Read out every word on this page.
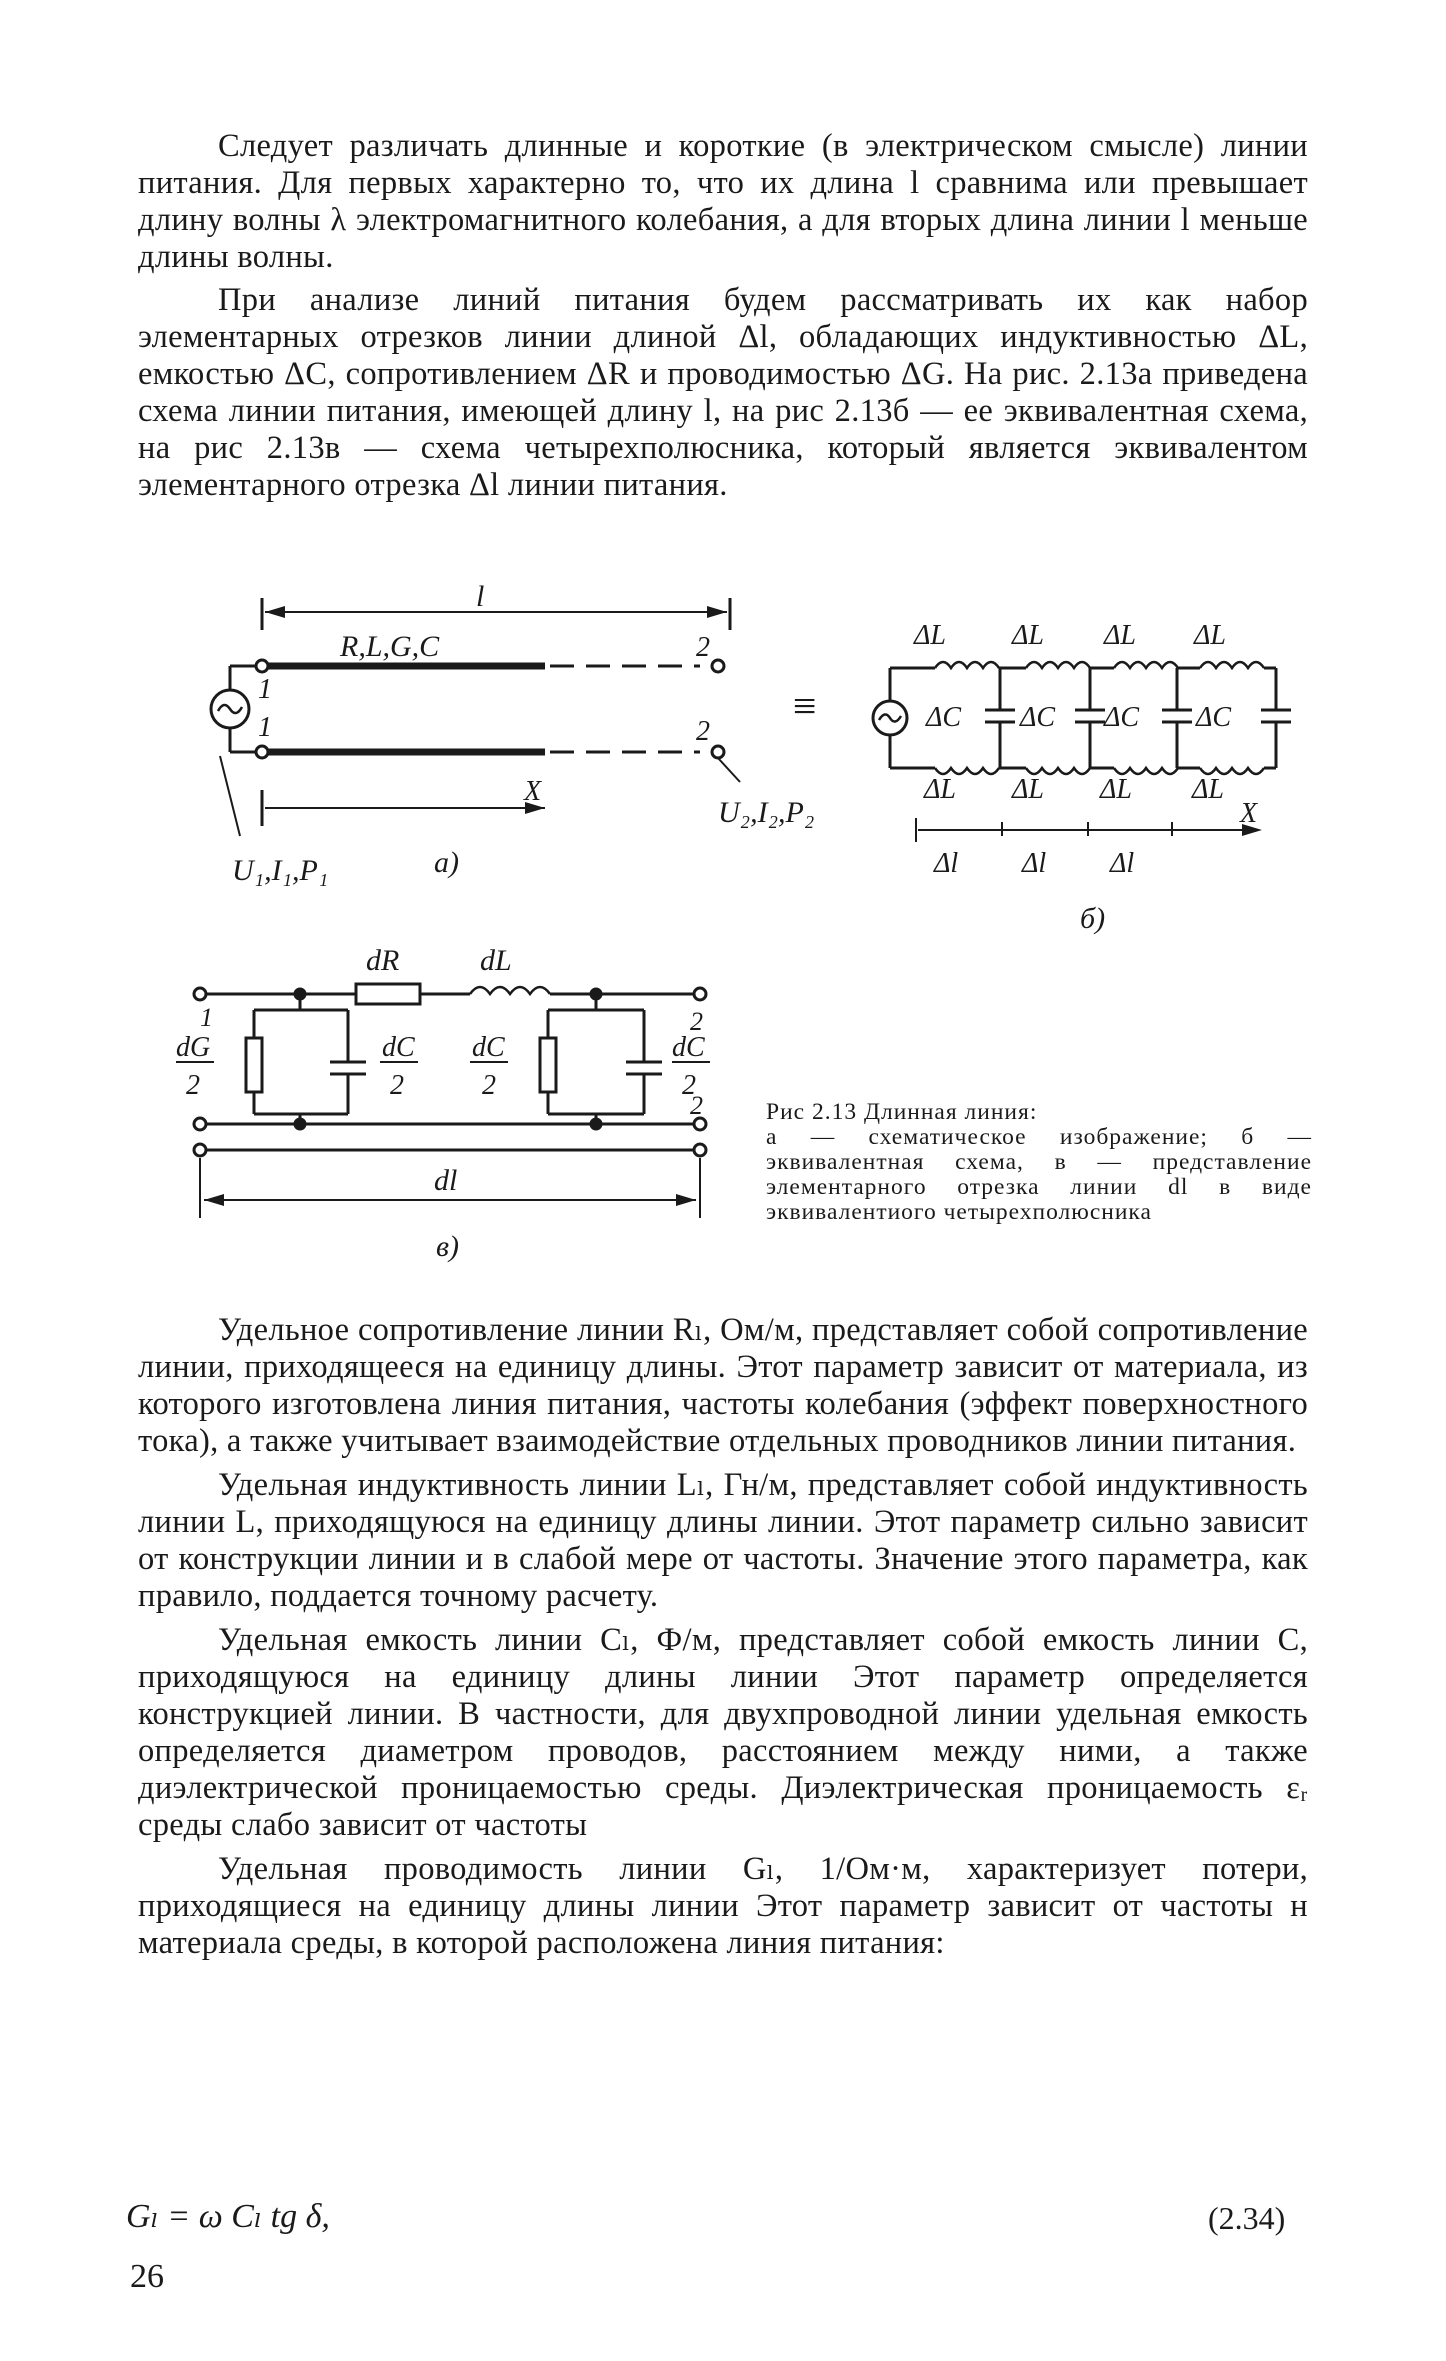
Следует различать длинные и короткие (в электрическом смысле) линии питания. Для первых характерно то, что их длина l сравнима или превышает длину волны λ электромагнитного колебания, а для вторых длина линии l меньше длины волны.

При анализе линий питания будем рассматривать их как набор элементарных отрезков линии длиной Δl, обладающих индуктивностью ΔL, емкостью ΔC, сопротивлением ΔR и проводимостью ΔG. На рис. 2.13а приведена схема линии питания, имеющей длину l, на рис 2.13б — ее эквивалентная схема, на рис 2.13в — схема четырехполюсника, который является эквивалентом элементарного отрезка Δl линии питания.

l
R,L,G,C
1
1
2
2
X
U₁,I₁,P₁
U₂,I₂,P₂
а)
≡
ΔL ΔL ΔL ΔL
ΔC ΔC ΔC ΔC
ΔL ΔL ΔL ΔL
X
Δl Δl Δl
б)
dR	dL
1	2
2
dG
2
dC
2
dC
2
dC
2
dl
в)

Рис 2.13 Длинная линия:
а — схематическое изображение; б — эквивалентная схема, в — представление элементарного отрезка линии dl в виде эквивалентиого четырехполюсника

Удельное сопротивление линии Rₗ, Ом/м, представляет собой сопротивление линии, приходящееся на единицу длины. Этот параметр зависит от материала, из которого изготовлена линия питания, частоты колебания (эффект поверхностного тока), а также учитывает взаимодействие отдельных проводников линии питания.

Удельная индуктивность линии Lₗ, Гн/м, представляет собой индуктивность линии L, приходящуюся на единицу длины линии. Этот параметр сильно зависит от конструкции линии и в слабой мере от частоты. Значение этого параметра, как правило, поддается точному расчету.

Удельная емкость линии Cₗ, Ф/м, представляет собой емкость линии C, приходящуюся на единицу длины линии Этот параметр определяется конструкцией линии. В частности, для двухпроводной линии удельная емкость определяется диаметром проводов, расстоянием между ними, а также диэлектрической проницаемостью среды. Диэлектрическая проницаемость εᵣ среды слабо зависит от частоты

Удельная проводимость линии Gₗ, 1/Ом·м, характеризует потери, приходящиеся на единицу длины линии Этот параметр зависит от частоты н материала среды, в которой расположена линия питания:

Gₗ = ω Cₗ tg δ,	(2.34)
26
